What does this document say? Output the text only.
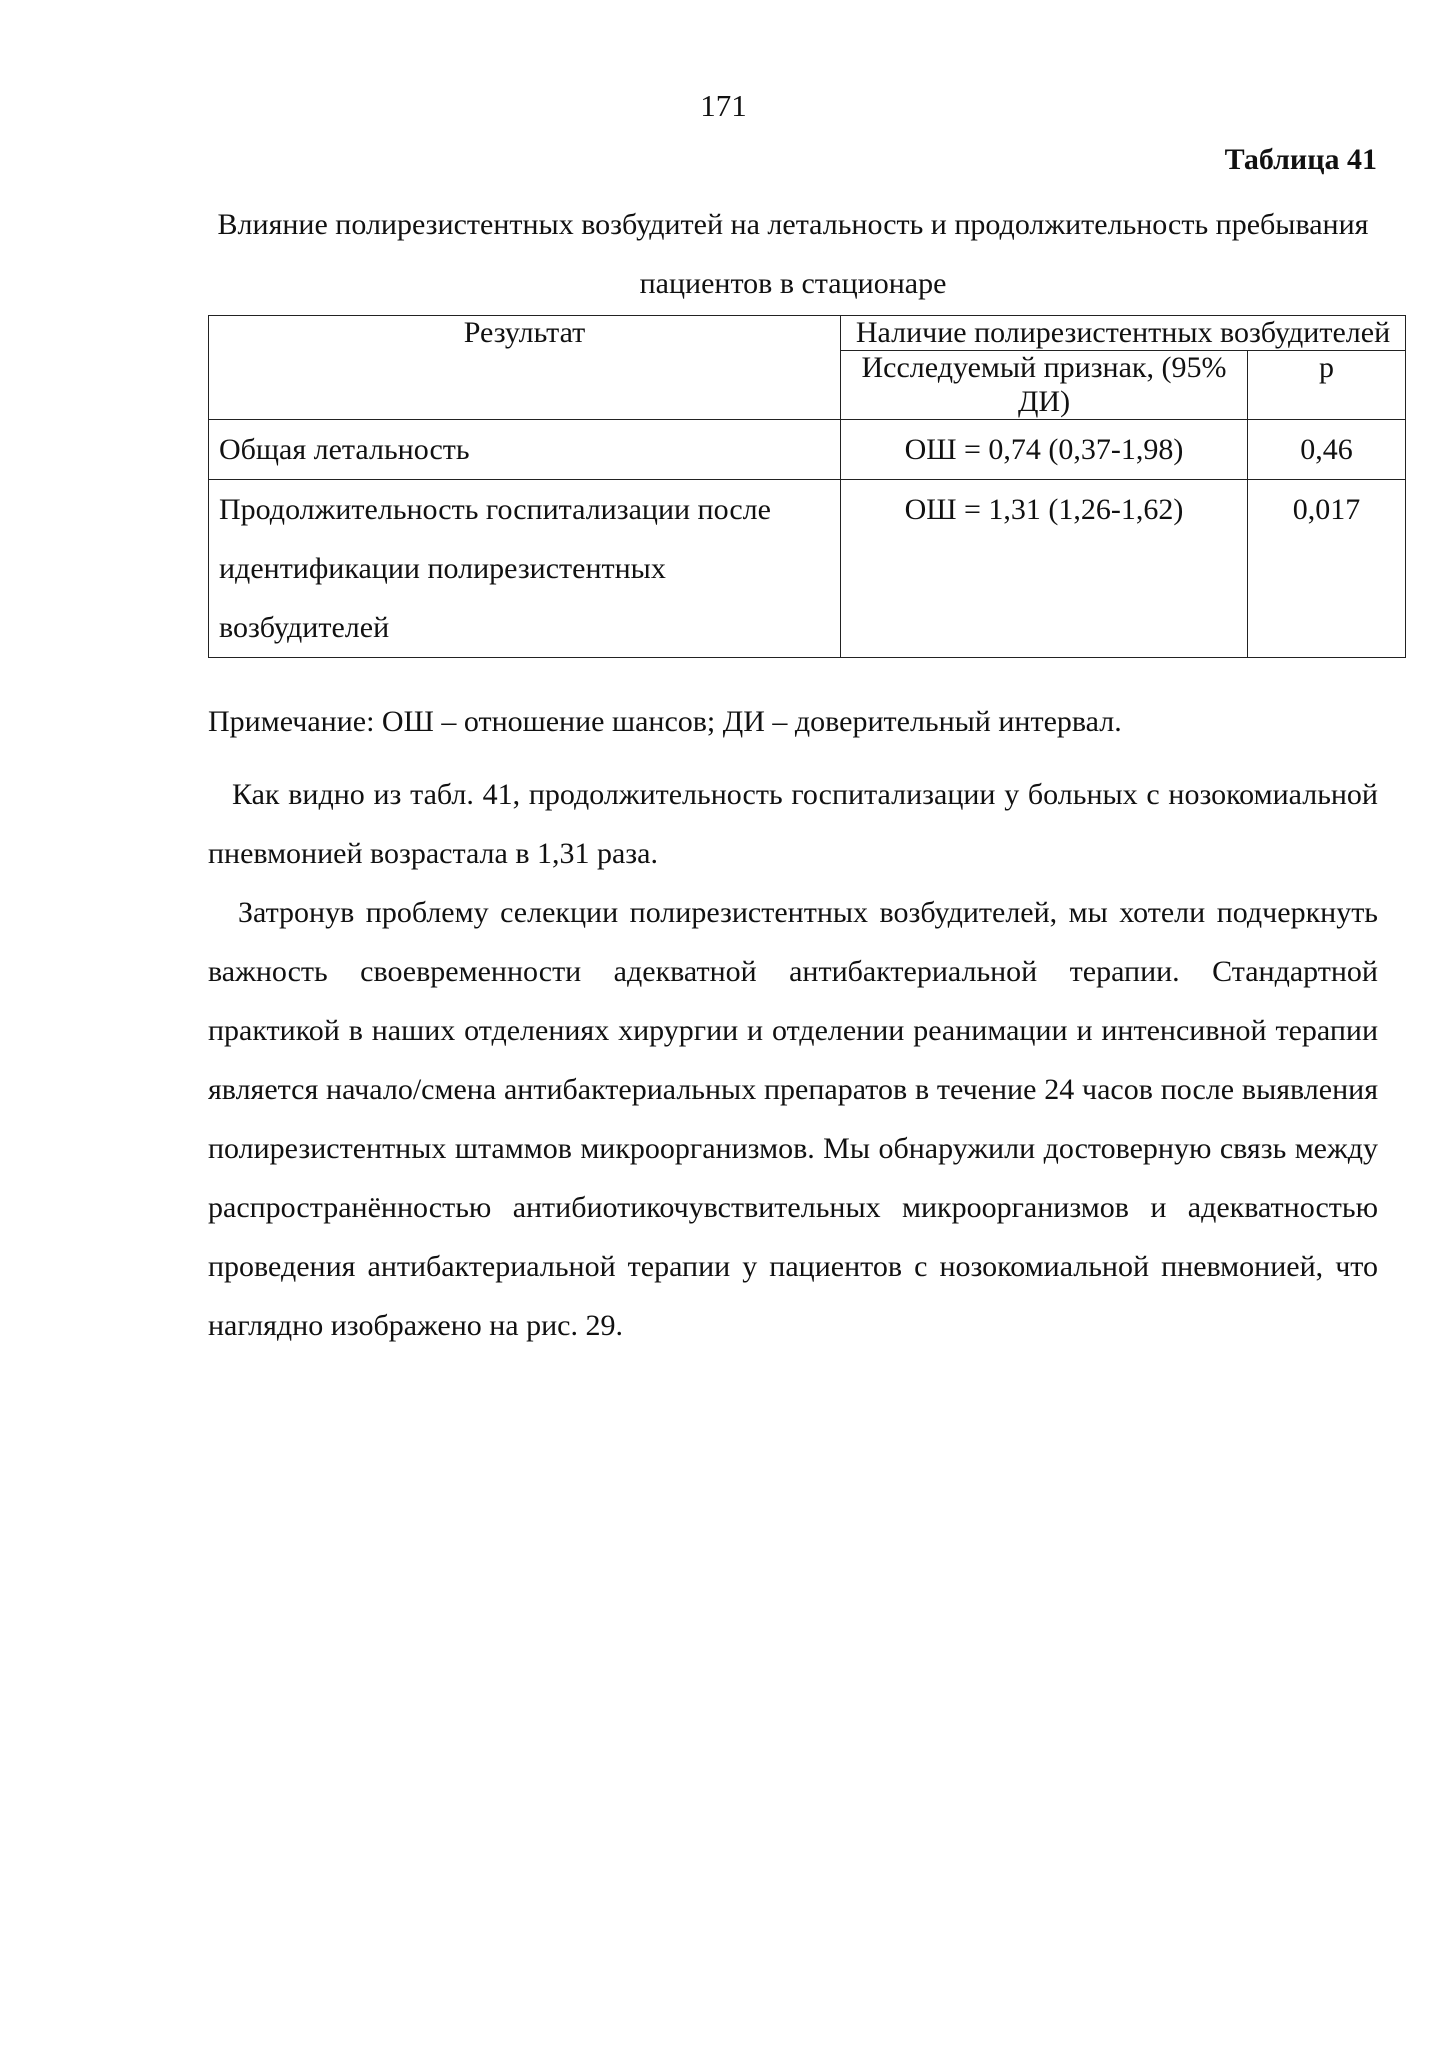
171
Таблица 41
Влияние полирезистентных возбудитей на летальность и продолжительность пребывания пациентов в стационаре
Результат	Наличие полирезистентных возбудителей	
	Исследуемый признак, (95% ДИ)	р
Общая летальность	ОШ = 0,74 (0,37-1,98)	0,46
Продолжительность госпитализации после идентификации полирезистентных возбудителей	ОШ = 1,31 (1,26-1,62)	0,017
Примечание: ОШ – отношение шансов; ДИ – доверительный интервал.

Как видно из табл. 41, продолжительность госпитализации у больных с нозокомиальной пневмонией возрастала в 1,31 раза.

Затронув проблему селекции полирезистентных возбудителей, мы хотели подчеркнуть важность своевременности адекватной антибактериальной терапии. Стандартной практикой в наших отделениях хирургии и отделении реанимации и интенсивной терапии является начало/смена антибактериальных препаратов в течение 24 часов после выявления полирезистентных штаммов микроорганизмов. Мы обнаружили достоверную связь между распространённостью антибиотикочувствительных микроорганизмов и адекватностью проведения антибактериальной терапии у пациентов с нозокомиальной пневмонией, что наглядно изображено на рис. 29.
